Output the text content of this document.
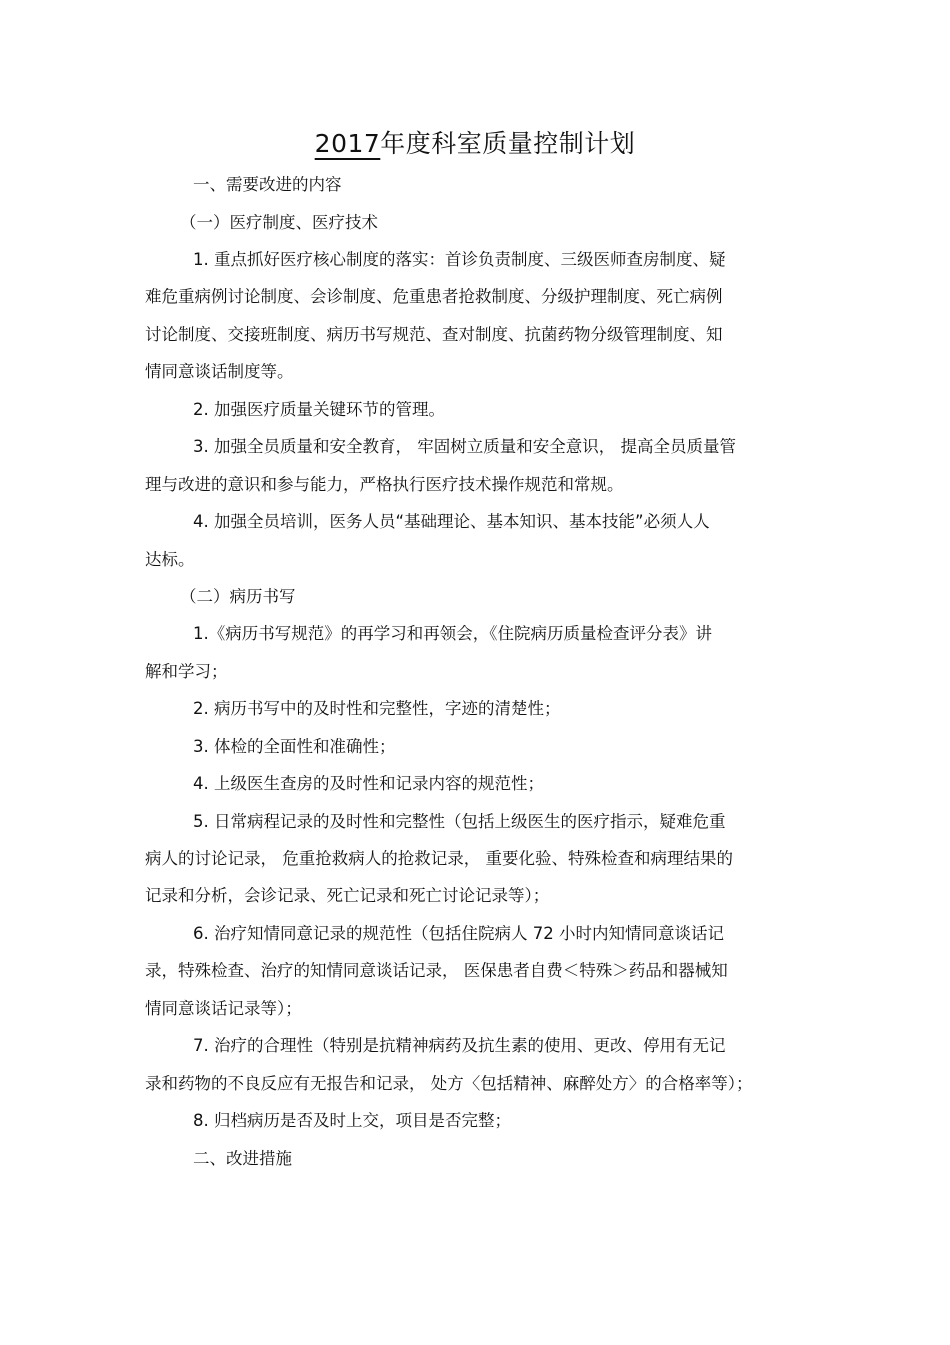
2017年度科室质量控制计划
一、需要改进的内容
（一）医疗制度、医疗技术
1. 重点抓好医疗核心制度的落实：首诊负责制度、三级医师查房制度、疑
难危重病例讨论制度、会诊制度、危重患者抢救制度、分级护理制度、死亡病例
讨论制度、交接班制度、病历书写规范、查对制度、抗菌药物分级管理制度、知
情同意谈话制度等。
2. 加强医疗质量关键环节的管理。
3. 加强全员质量和安全教育， 牢固树立质量和安全意识， 提高全员质量管
理与改进的意识和参与能力，严格执行医疗技术操作规范和常规。
4. 加强全员培训，医务人员“基础理论、基本知识、基本技能”必须人人
达标。
（二）病历书写
1.《病历书写规范》的再学习和再领会，《住院病历质量检查评分表》讲
解和学习；
2. 病历书写中的及时性和完整性，字迹的清楚性；
3. 体检的全面性和准确性；
4. 上级医生查房的及时性和记录内容的规范性；
5. 日常病程记录的及时性和完整性（包括上级医生的医疗指示，疑难危重
病人的讨论记录， 危重抢救病人的抢救记录， 重要化验、特殊检查和病理结果的
记录和分析，会诊记录、死亡记录和死亡讨论记录等）；
6. 治疗知情同意记录的规范性（包括住院病人 72 小时内知情同意谈话记
录，特殊检查、治疗的知情同意谈话记录， 医保患者自费＜特殊＞药品和器械知
情同意谈话记录等）；
7. 治疗的合理性（特别是抗精神病药及抗生素的使用、更改、停用有无记
录和药物的不良反应有无报告和记录， 处方〈包括精神、麻醉处方〉的合格率等）；
8. 归档病历是否及时上交，项目是否完整；
二、改进措施
